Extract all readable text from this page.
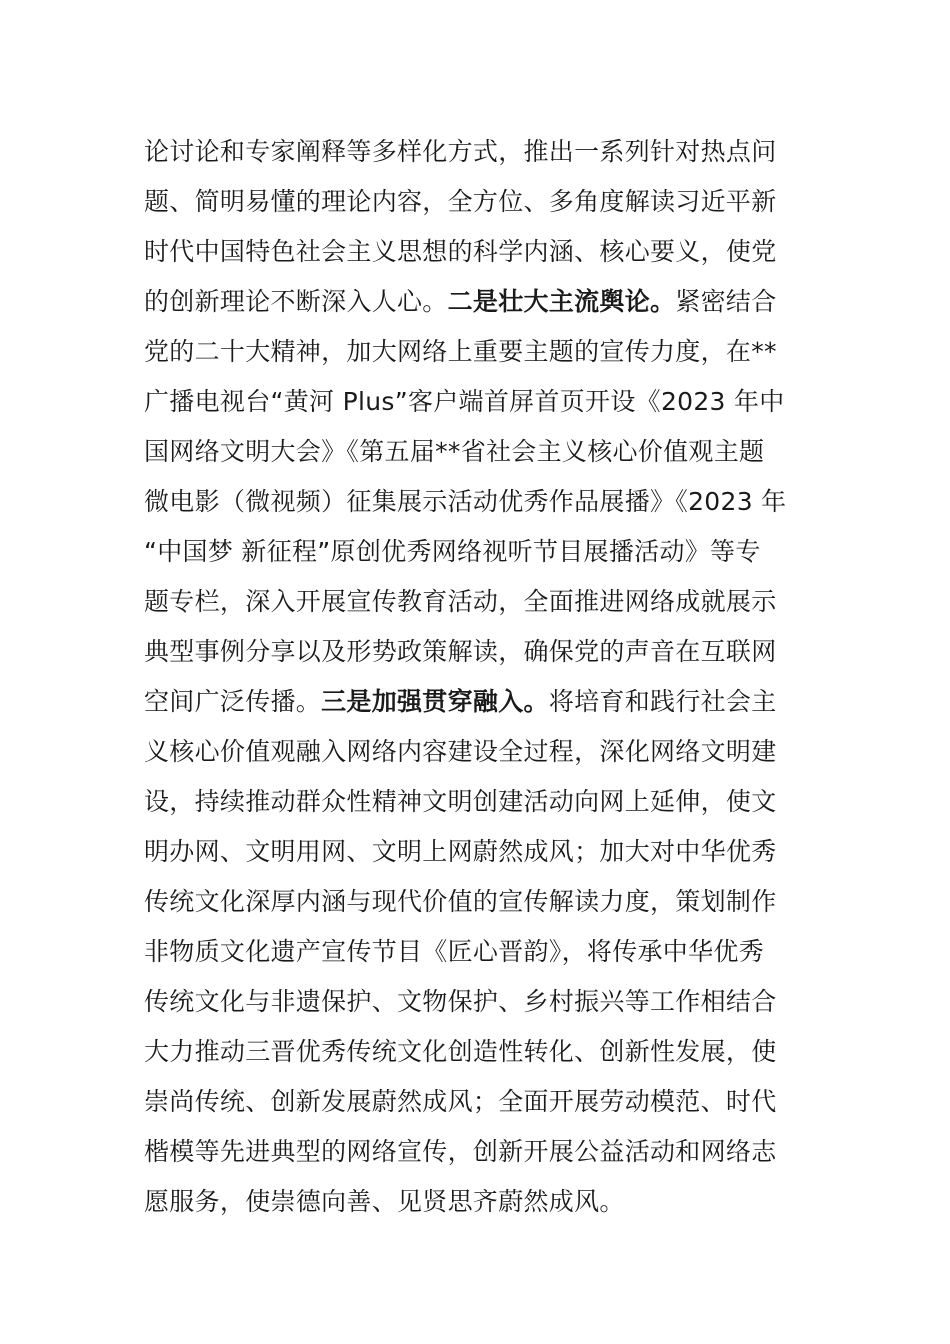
论讨论和专家阐释等多样化方式，推出一系列针对热点问
题、简明易懂的理论内容，全方位、多角度解读习近平新
时代中国特色社会主义思想的科学内涵、核心要义，使党
的创新理论不断深入人心。二是壮大主流舆论。紧密结合
党的二十大精神，加大网络上重要主题的宣传力度，在**
广播电视台“黄河 Plus”客户端首屏首页开设《2023 年中
国网络文明大会》《第五届**省社会主义核心价值观主题
微电影（微视频）征集展示活动优秀作品展播》《2023 年
“中国梦 新征程”原创优秀网络视听节目展播活动》等专
题专栏，深入开展宣传教育活动，全面推进网络成就展示
典型事例分享以及形势政策解读，确保党的声音在互联网
空间广泛传播。三是加强贯穿融入。将培育和践行社会主
义核心价值观融入网络内容建设全过程，深化网络文明建
设，持续推动群众性精神文明创建活动向网上延伸，使文
明办网、文明用网、文明上网蔚然成风；加大对中华优秀
传统文化深厚内涵与现代价值的宣传解读力度，策划制作
非物质文化遗产宣传节目《匠心晋韵》，将传承中华优秀
传统文化与非遗保护、文物保护、乡村振兴等工作相结合
大力推动三晋优秀传统文化创造性转化、创新性发展，使
崇尚传统、创新发展蔚然成风；全面开展劳动模范、时代
楷模等先进典型的网络宣传，创新开展公益活动和网络志
愿服务，使崇德向善、见贤思齐蔚然成风。
